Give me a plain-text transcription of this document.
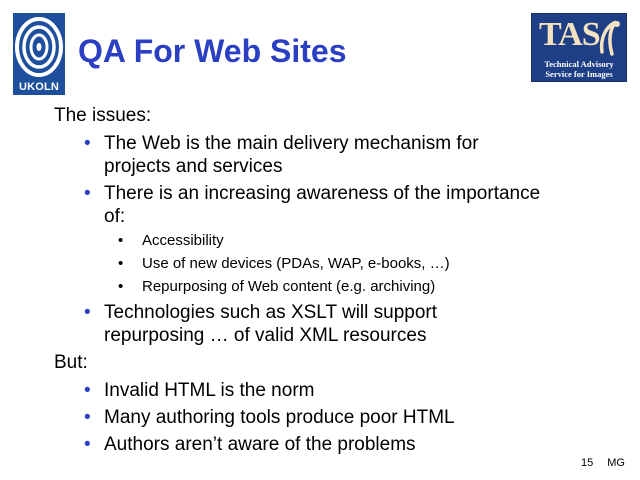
UKOLN
QA For Web Sites	TAS
Technical Advisory
Service for Images

The issues:

• The Web is the main delivery mechanism for
projects and services
• There is an increasing awareness of the importance
of:
• Accessibility
• Use of new devices (PDAs, WAP, e-books, …)
• Repurposing of Web content (e.g. archiving)
• Technologies such as XSLT will support
repurposing … of valid XML resources

But:

• Invalid HTML is the norm
• Many authoring tools produce poor HTML
• Authors aren’t aware of the problems
15 MG
